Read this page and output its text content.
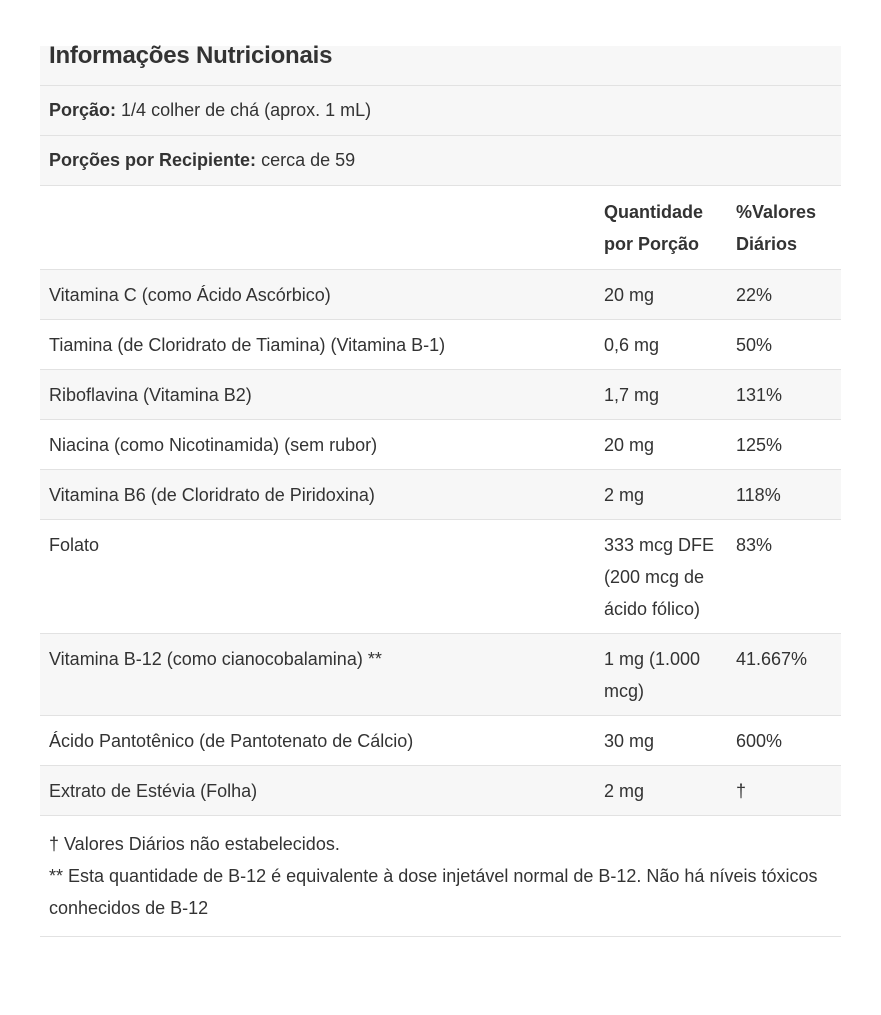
Informações Nutricionais
Porção:
1/4 colher de chá (aprox. 1 mL)
Porções por Recipiente:
cerca de 59
	Quantidade por Porção	%Valores Diários
Vitamina C (como Ácido Ascórbico)	20 mg	22%
Tiamina (de Cloridrato de Tiamina) (Vitamina B-1)	0,6 mg	50%
Riboflavina (Vitamina B2)	1,7 mg	131%
Niacina (como Nicotinamida) (sem rubor)	20 mg	125%
Vitamina B6 (de Cloridrato de Piridoxina)	2 mg	118%
Folato	333 mcg DFE (200 mcg de ácido fólico)	83%
Vitamina B-12 (como cianocobalamina) **	1 mg (1.000 mcg)	41.667%
Ácido Pantotênico (de Pantotenato de Cálcio)	30 mg	600%
Extrato de Estévia (Folha)	2 mg	†
† Valores Diários não estabelecidos.
** Esta quantidade de B-12 é equivalente à dose injetável normal de B-12. Não há níveis tóxicos conhecidos de B-12
